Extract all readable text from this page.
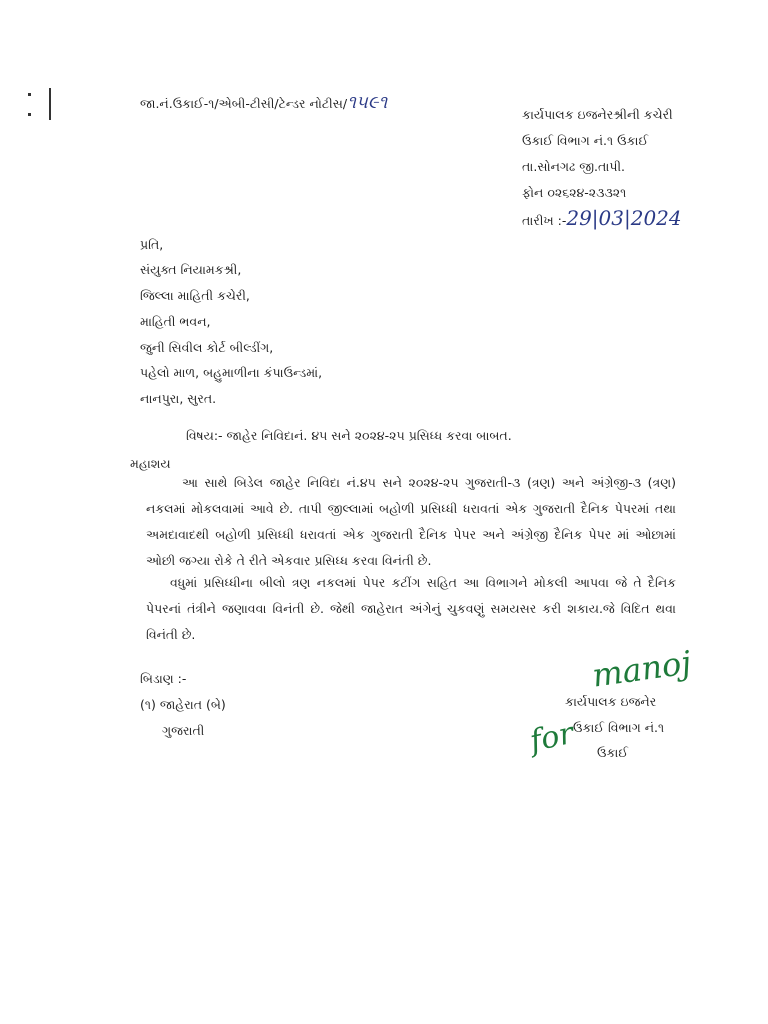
જા.નં.ઉકાઈ-૧/એબી-ટીસી/ટેન્ડર નોટીસ/૧૫૯૧
કાર્યપાલક ઇજનેરશ્રીની કચેરી
ઉકાઈ વિભાગ નં.૧ ઉકાઈ
તા.સોનગઢ જી.તાપી.
ફોન ૦૨૬૨૪-૨૩૩૨૧
તારીખ :-29|03|2024
પ્રતિ,
સંયુક્ત નિયામકશ્રી,
જિલ્લા માહિતી કચેરી,
માહિતી ભવન,
જુની સિવીલ કોર્ટ બીલ્ડીંગ,
પહેલો માળ, બહુમાળીના કંપાઉન્ડમાં,
નાનપુરા, સુરત.
વિષય:- જાહેર નિવિદાનં. ૪૫ સને ૨૦૨૪-૨૫ પ્રસિધ્ધ કરવા બાબત.
મહાશય
આ સાથે બિડેલ જાહેર નિવિદા નં.૪૫ સને ૨૦૨૪-૨૫ ગુજરાતી-૩ (ત્રણ) અને અંગ્રેજી-૩ (ત્રણ) નકલમાં મોકલવામાં આવે છે. તાપી જીલ્લામાં બહોળી પ્રસિધ્ધી ધરાવતાં એક ગુજરાતી દૈનિક પેપરમાં તથા અમદાવાદથી બહોળી પ્રસિધ્ધી ધરાવતાં એક ગુજરાતી દૈનિક પેપર અને અંગ્રેજી દૈનિક પેપર માં ઓછામાં ઓછી જગ્યા રોકે તે રીતે એકવાર પ્રસિધ્ધ કરવા વિનંતી છે.
વધુમાં પ્રસિધ્ધીના બીલો ત્રણ નકલમાં પેપર કટીંગ સહિત આ વિભાગને મોકલી આપવા જે તે દૈનિક પેપરનાં તંત્રીને જણાવવા વિનંતી છે. જેથી જાહેરાત અંગેનું ચુકવણું સમયસર કરી શકાય.જે વિદિત થવા વિનંતી છે.
બિડાણ :-
(૧) જાહેરાત (બે)
ગુજરાતી
manoj
કાર્યપાલક ઇજનેર
for
ઉકાઈ વિભાગ નં.૧
ઉકાઈ
